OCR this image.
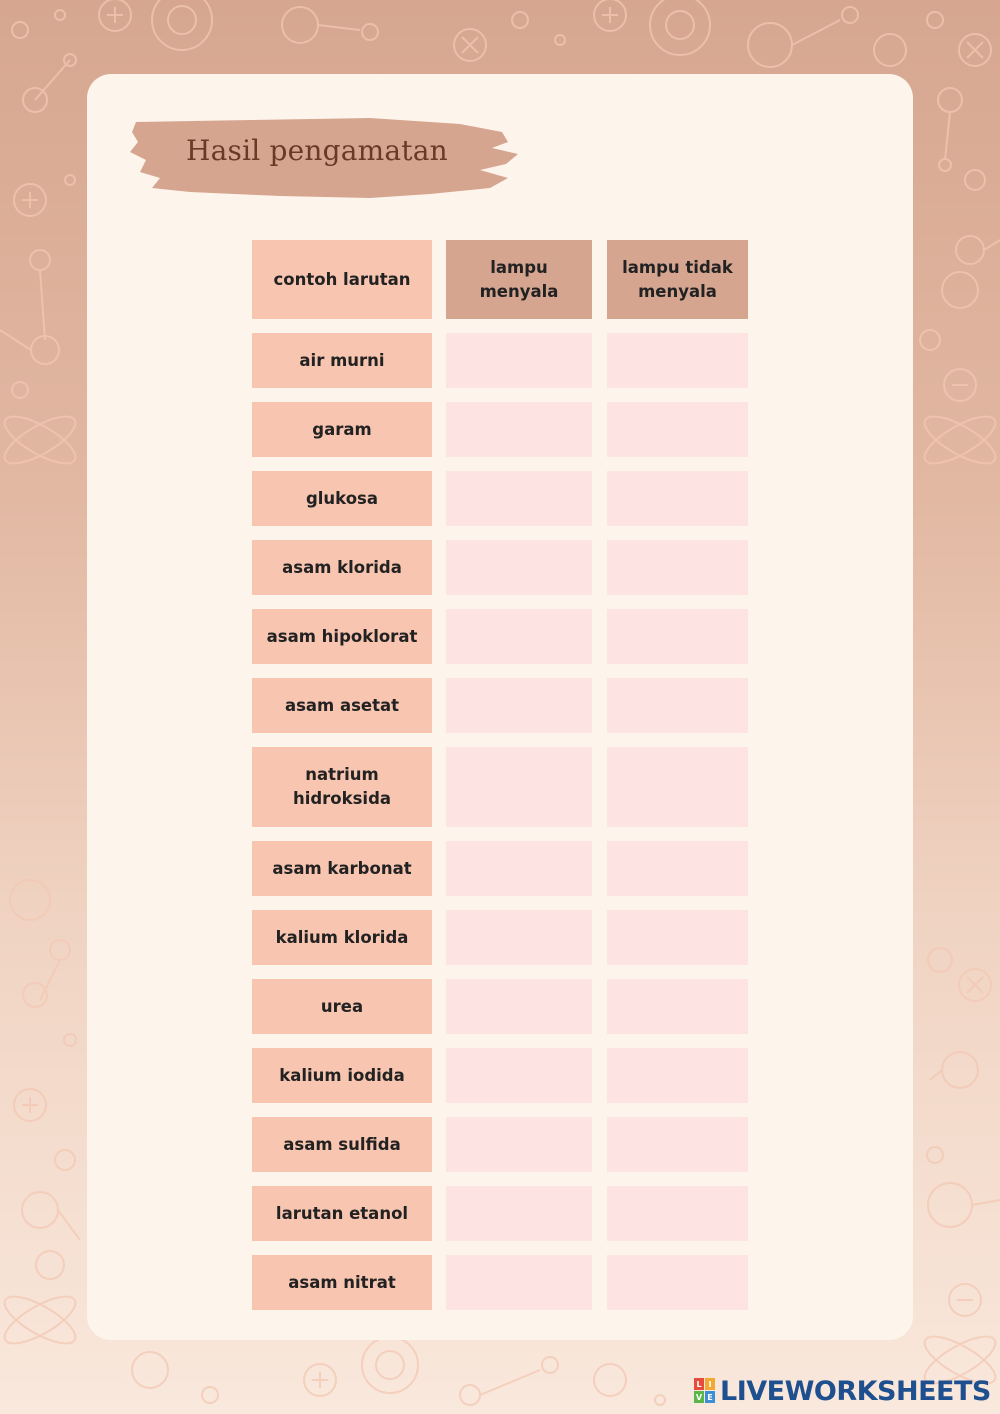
Hasil pengamatan
contoh larutan
lampu menyala
lampu tidak menyala
air murni
garam
glukosa
asam klorida
asam hipoklorat
asam asetat
natrium hidroksida
asam karbonat
kalium klorida
urea
kalium iodida
asam sulfida
larutan etanol
asam nitrat
L I
V E LIVEWORKSHEETS
